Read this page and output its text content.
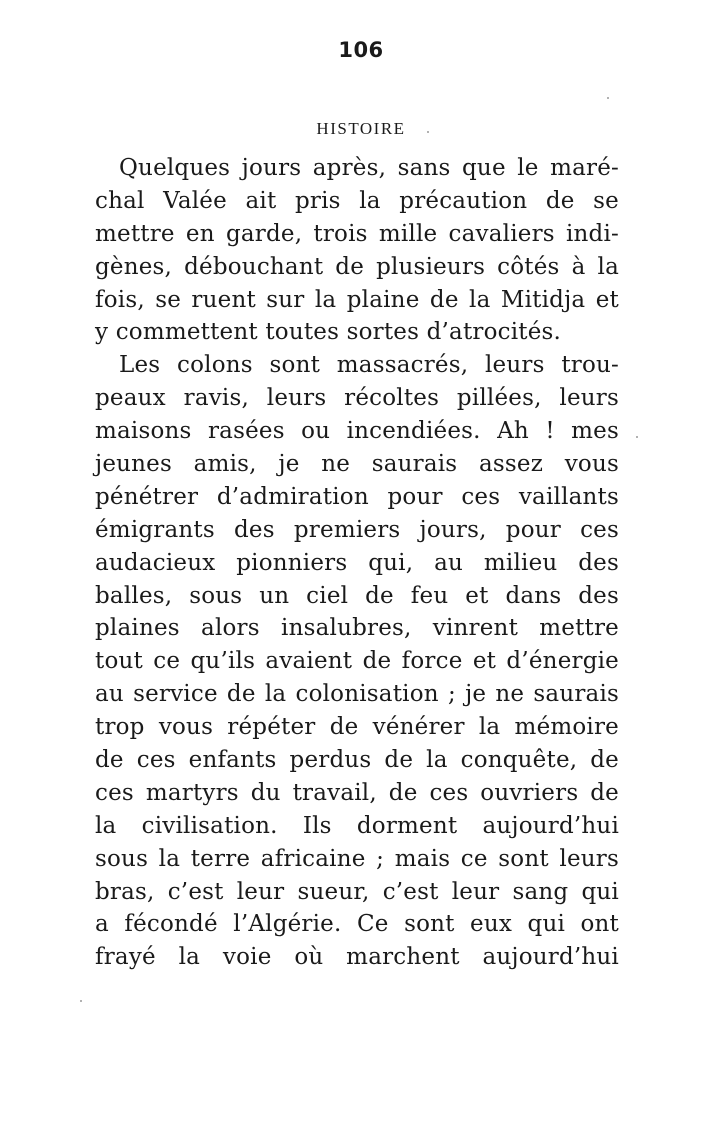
106
HISTOIRE
Quelques jours après, sans que le maré-
chal Valée ait pris la précaution de se
mettre en garde, trois mille cavaliers indi-
gènes, débouchant de plusieurs côtés à la
fois, se ruent sur la plaine de la Mitidja et
y commettent toutes sortes d’atrocités.
Les colons sont massacrés, leurs trou-
peaux ravis, leurs récoltes pillées, leurs
maisons rasées ou incendiées. Ah ! mes
jeunes amis, je ne saurais assez vous
pénétrer d’admiration pour ces vaillants
émigrants des premiers jours, pour ces
audacieux pionniers qui, au milieu des
balles, sous un ciel de feu et dans des
plaines alors insalubres, vinrent mettre
tout ce qu’ils avaient de force et d’énergie
au service de la colonisation ; je ne saurais
trop vous répéter de vénérer la mémoire
de ces enfants perdus de la conquête, de
ces martyrs du travail, de ces ouvriers de
la civilisation. Ils dorment aujourd’hui
sous la terre africaine ; mais ce sont leurs
bras, c’est leur sueur, c’est leur sang qui
a fécondé l’Algérie. Ce sont eux qui ont
frayé la voie où marchent aujourd’hui
